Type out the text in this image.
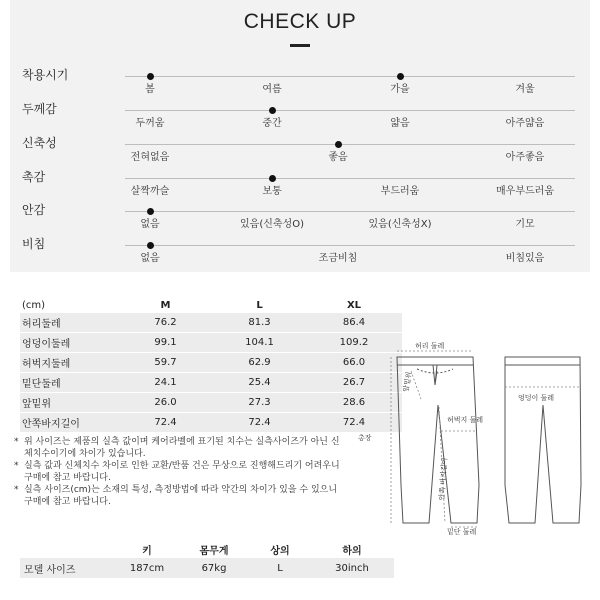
CHECK UP
착용시기
봄	여름	가을	겨울
두께감
두꺼움	중간	얇음	아주얇음
신축성
전혀없음	좋음	아주좋음
촉감
살짝까슬	보통	부드러움	매우부드러움
안감
없음	있음(신축성O)	있음(신축성X)	기모
비침
없음	조금비침	비침있음
(cm)	M	L	XL
허리둘레	76.2	81.3	86.4
엉덩이둘레	99.1	104.1	109.2
허벅지둘레	59.7	62.9	66.0
밑단둘레	24.1	25.4	26.7
앞밑위	26.0	27.3	28.6
안쪽바지길이	72.4	72.4	72.4
* 위 사이즈는 제품의 실측 값이며 케어라벨에 표기된 치수는 실측사이즈가 아닌 신체치수이기에 차이가 있습니다.
* 실측 값과 신체치수 차이로 인한 교환/반품 건은 무상으로 진행해드리기 어려우니 구매에 참고 바랍니다.
* 실측 사이즈(cm)는 소재의 특성, 측정방법에 따라 약간의 차이가 있을 수 있으니 구매에 참고 바랍니다.
	키	몸무게	상의	하의
모델 사이즈	187cm	67kg	L	30inch
허리 둘레
엉덩이 둘레
허벅지 둘레
총장
앞밑위
안쪽 바지길이
밑단 둘레
